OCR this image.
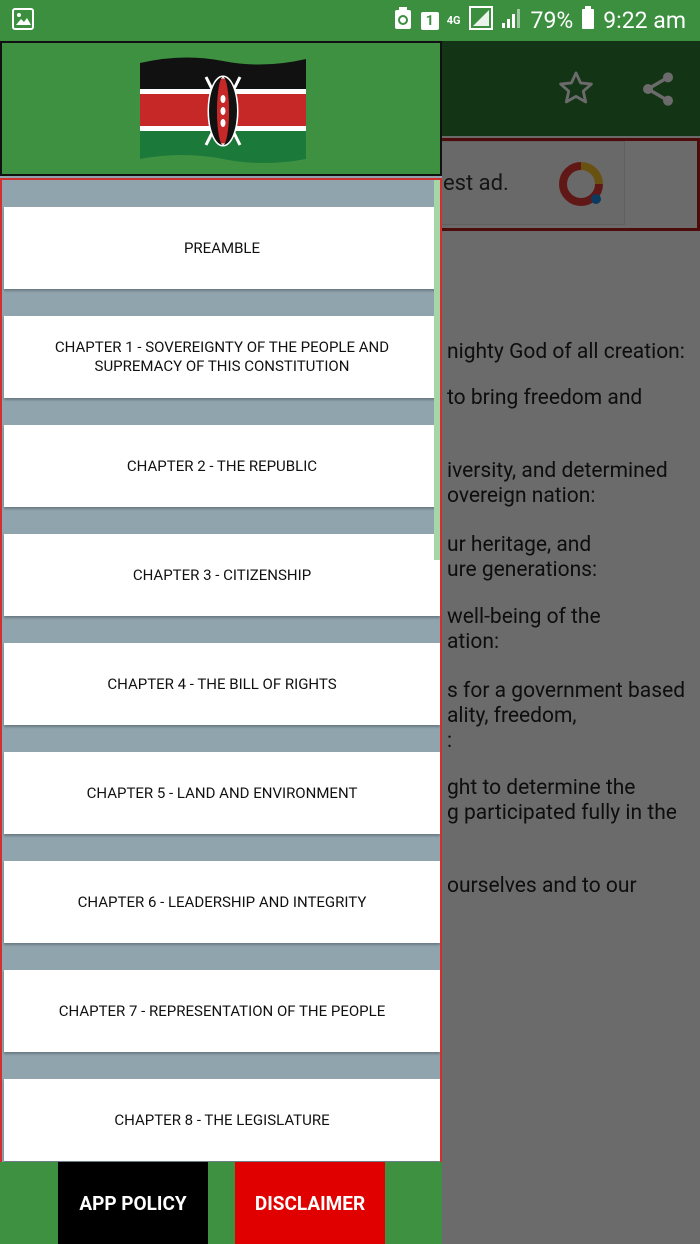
1	4G	79% 9:22 am

PREAMBLE
CHAPTER 1 - SOVEREIGNTY OF THE PEOPLE AND SUPREMACY OF THIS CONSTITUTION
CHAPTER 2 - THE REPUBLIC
CHAPTER 3 - CITIZENSHIP
CHAPTER 4 - THE BILL OF RIGHTS
CHAPTER 5 - LAND AND ENVIRONMENT
CHAPTER 6 - LEADERSHIP AND INTEGRITY
CHAPTER 7 - REPRESENTATION OF THE PEOPLE
CHAPTER 8 - THE LEGISLATURE
APP POLICY	DISCLAIMER
